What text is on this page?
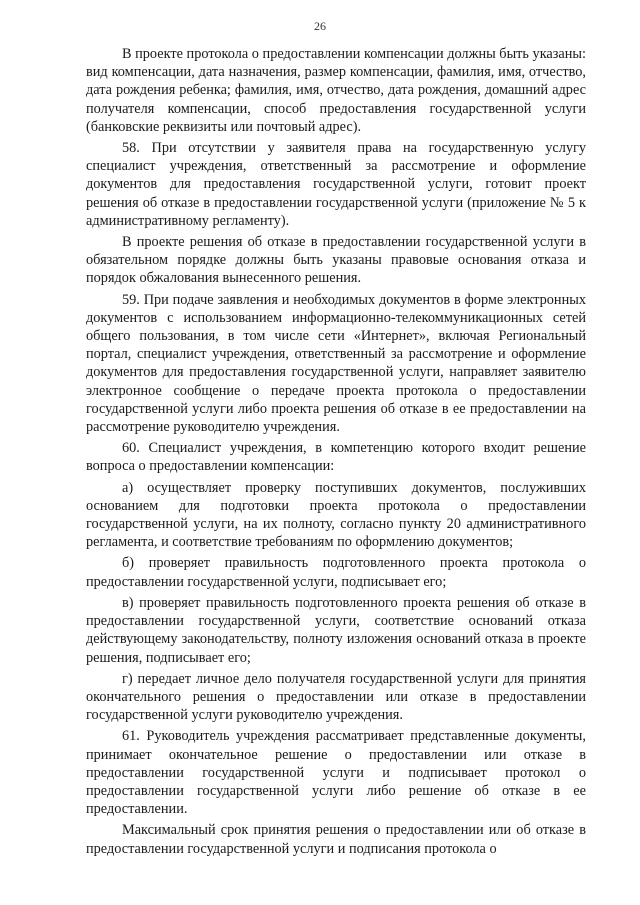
26

В проекте протокола о предоставлении компенсации должны быть указаны: вид компенсации, дата назначения, размер компенсации, фамилия, имя, отчество, дата рождения ребенка; фамилия, имя, отчество, дата рождения, домашний адрес получателя компенсации, способ предоставления государственной услуги (банковские реквизиты или почтовый адрес).

58. При отсутствии у заявителя права на государственную услугу специалист учреждения, ответственный за рассмотрение и оформление документов для предоставления государственной услуги, готовит проект решения об отказе в предоставлении государственной услуги (приложение № 5 к административному регламенту).

В проекте решения об отказе в предоставлении государственной услуги в обязательном порядке должны быть указаны правовые основания отказа и порядок обжалования вынесенного решения.

59. При подаче заявления и необходимых документов в форме электронных документов с использованием информационно-телекоммуникационных сетей общего пользования, в том числе сети «Интернет», включая Региональный портал, специалист учреждения, ответственный за рассмотрение и оформление документов для предоставления государственной услуги, направляет заявителю электронное сообщение о передаче проекта протокола о предоставлении государственной услуги либо проекта решения об отказе в ее предоставлении на рассмотрение руководителю учреждения.

60. Специалист учреждения, в компетенцию которого входит решение вопроса о предоставлении компенсации:

а) осуществляет проверку поступивших документов, послуживших основанием для подготовки проекта протокола о предоставлении государственной услуги, на их полноту, согласно пункту 20 административного регламента, и соответствие требованиям по оформлению документов;

б) проверяет правильность подготовленного проекта протокола о предоставлении государственной услуги, подписывает его;

в) проверяет правильность подготовленного проекта решения об отказе в предоставлении государственной услуги, соответствие оснований отказа действующему законодательству, полноту изложения оснований отказа в проекте решения, подписывает его;

г) передает личное дело получателя государственной услуги для принятия окончательного решения о предоставлении или отказе в предоставлении государственной услуги руководителю учреждения.

61. Руководитель учреждения рассматривает представленные документы, принимает окончательное решение о предоставлении или отказе в предоставлении государственной услуги и подписывает протокол о предоставлении государственной услуги либо решение об отказе в ее предоставлении.

Максимальный срок принятия решения о предоставлении или об отказе в предоставлении государственной услуги и подписания протокола о
